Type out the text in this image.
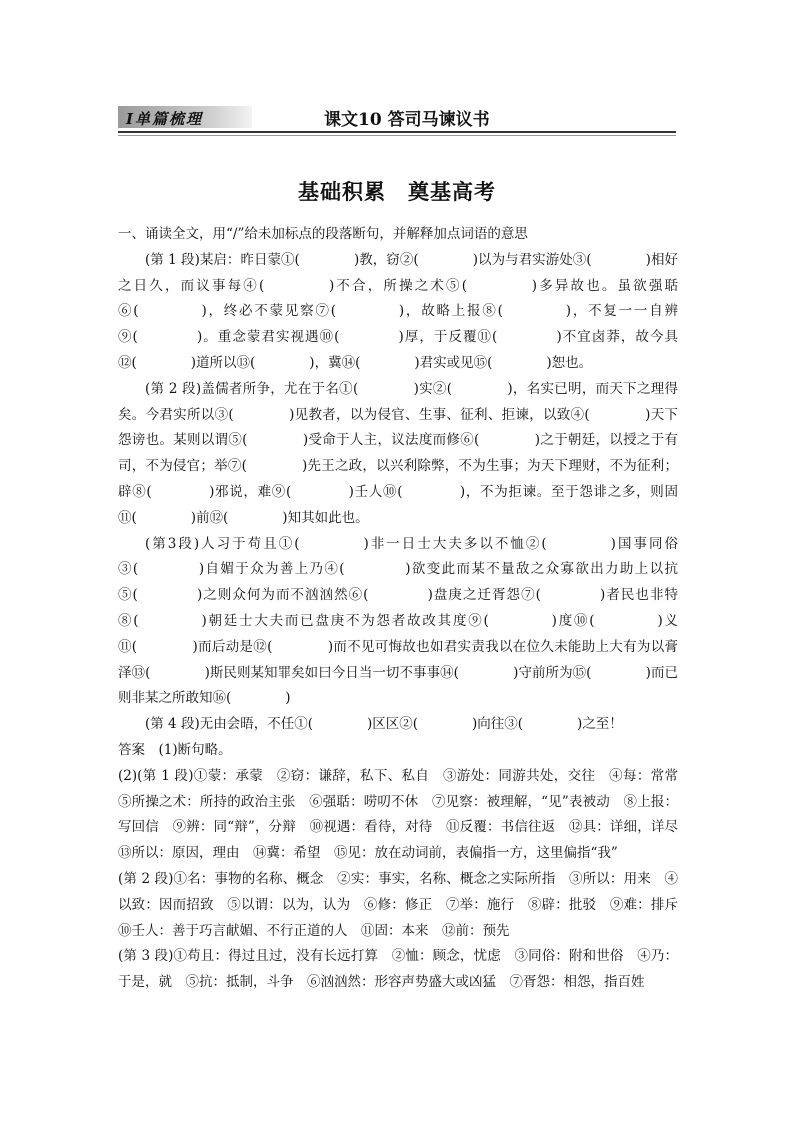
Ⅰ单篇梳理	课文10 答司马谏议书
基础积累　奠基高考

一、诵读全文，用“/”给未加标点的段落断句，并解释加点词语的意思

(第 1 段)某启：昨日蒙①(　　　　)教，窃②(　　　　)以为与君实游处③(　　　　)相好之日久，而议事每④(　　　　)不合，所操之术⑤(　　　　)多异故也。虽欲强聒⑥(　　　　)，终必不蒙见察⑦(　　　　)，故略上报⑧(　　　　)，不复一一自辨⑨(　　　　)。重念蒙君实视遇⑩(　　　　)厚，于反覆⑪(　　　　)不宜卤莽，故今具⑫(　　　　)道所以⑬(　　　　)，冀⑭(　　　　)君实或见⑮(　　　　)恕也。

(第 2 段)盖儒者所争，尤在于名①(　　　　)实②(　　　　)，名实已明，而天下之理得矣。今君实所以③(　　　　)见教者，以为侵官、生事、征利、拒谏，以致④(　　　　)天下怨谤也。某则以谓⑤(　　　　)受命于人主，议法度而修⑥(　　　　)之于朝廷，以授之于有司，不为侵官；举⑦(　　　　)先王之政，以兴利除弊，不为生事；为天下理财，不为征利；辟⑧(　　　　)邪说，难⑨(　　　　)壬人⑩(　　　　)，不为拒谏。至于怨诽之多，则固⑪(　　　　)前⑫(　　　　)知其如此也。

(第3段)人习于苟且①(　　　　)非一日士大夫多以不恤②(　　　　)国事同俗③(　　　　)自媚于众为善上乃④(　　　　)欲变此而某不量敌之众寡欲出力助上以抗⑤(　　　　)之则众何为而不汹汹然⑥(　　　　)盘庚之迁胥怨⑦(　　　　)者民也非特⑧(　　　　)朝廷士大夫而已盘庚不为怨者故改其度⑨(　　　　)度⑩(　　　　)义⑪(　　　　)而后动是⑫(　　　　)而不见可悔故也如君实责我以在位久未能助上大有为以膏泽⑬(　　　　)斯民则某知罪矣如曰今日当一切不事事⑭(　　　　)守前所为⑮(　　　　)而已则非某之所敢知⑯(　　　　)

(第 4 段)无由会晤，不任①(　　　　)区区②(　　　　)向往③(　　　　)之至！

答案　(1)断句略。

(2)(第 1 段)①蒙：承蒙　②窃：谦辞，私下、私自　③游处：同游共处，交往　④每：常常　⑤所操之术：所持的政治主张　⑥强聒：唠叨不休　⑦见察：被理解，“见”表被动　⑧上报：写回信　⑨辨：同“辩”，分辩　⑩视遇：看待，对待　⑪反覆：书信往返　⑫具：详细，详尽　⑬所以：原因，理由　⑭冀：希望　⑮见：放在动词前，表偏指一方，这里偏指“我”

(第 2 段)①名：事物的名称、概念　②实：事实，名称、概念之实际所指　③所以：用来　④以致：因而招致　⑤以谓：以为，认为　⑥修：修正　⑦举：施行　⑧辟：批驳　⑨难：排斥　⑩壬人：善于巧言献媚、不行正道的人　⑪固：本来　⑫前：预先

(第 3 段)①苟且：得过且过，没有长远打算　②恤：顾念，忧虑　③同俗：附和世俗　④乃：于是，就　⑤抗：抵制，斗争　⑥汹汹然：形容声势盛大或凶猛　⑦胥怨：相怨，指百姓
